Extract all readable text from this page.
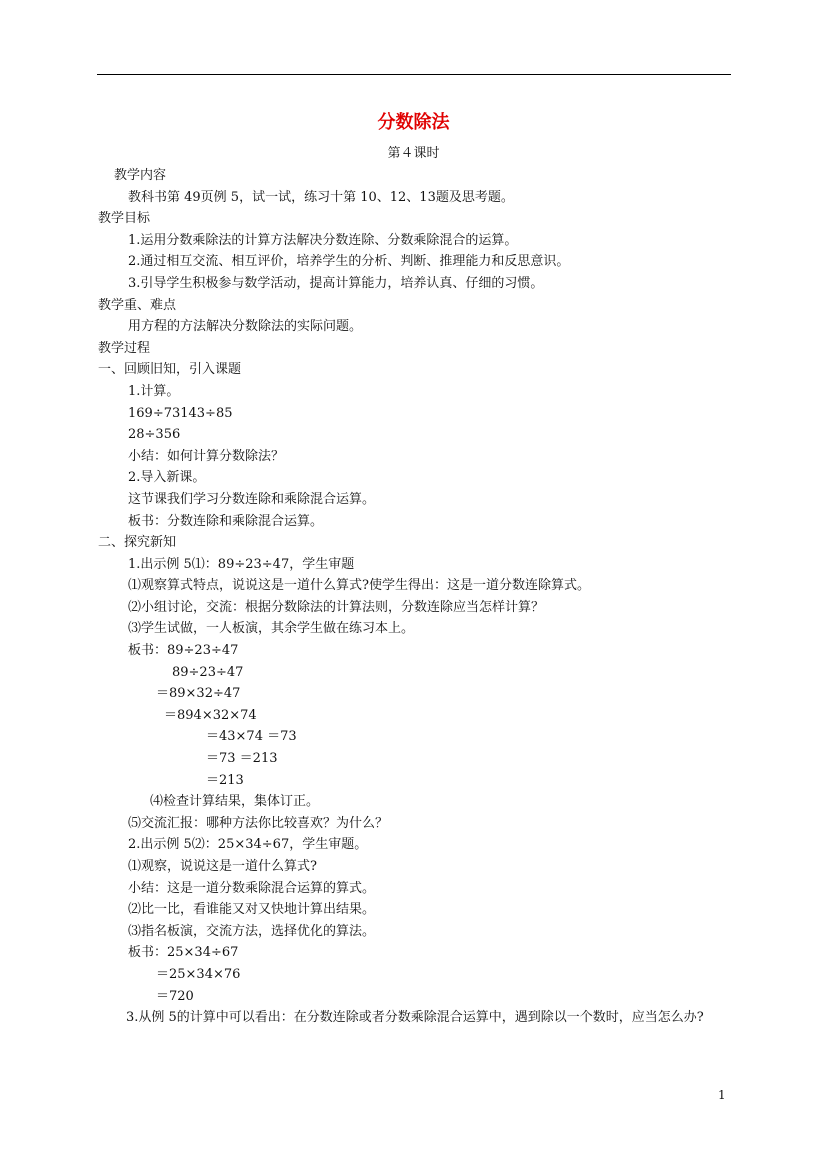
分数除法
第４课时
教学内容
教科书第 49页例 5，试一试，练习十第 10、12、13题及思考题。
教学目标
1.运用分数乘除法的计算方法解决分数连除、分数乘除混合的运算。
2.通过相互交流、相互评价，培养学生的分析、判断、推理能力和反思意识。
3.引导学生积极参与数学活动，提高计算能力，培养认真、仔细的习惯。
教学重、难点
用方程的方法解决分数除法的实际问题。
教学过程
一、回顾旧知，引入课题
1.计算。
169÷73143÷85
28÷356
小结：如何计算分数除法？
2.导入新课。
这节课我们学习分数连除和乘除混合运算。
板书：分数连除和乘除混合运算。
二、探究新知
1.出示例 5⑴：89÷23÷47，学生审题
⑴观察算式特点，说说这是一道什么算式?使学生得出：这是一道分数连除算式。
⑵小组讨论，交流：根据分数除法的计算法则，分数连除应当怎样计算？
⑶学生试做，一人板演，其余学生做在练习本上。
板书：89÷23÷47
89÷23÷47
＝89×32÷47
＝894×32×74
＝43×74 ＝73
＝73 ＝213
＝213
⑷检查计算结果，集体订正。
⑸交流汇报：哪种方法你比较喜欢？为什么？
2.出示例 5⑵：25×34÷67，学生审题。
⑴观察，说说这是一道什么算式?
小结：这是一道分数乘除混合运算的算式。
⑵比一比，看谁能又对又快地计算出结果。
⑶指名板演，交流方法，选择优化的算法。
板书：25×34÷67
＝25×34×76
＝720
3.从例 5的计算中可以看出：在分数连除或者分数乘除混合运算中，遇到除以一个数时，应当怎么办?
1
